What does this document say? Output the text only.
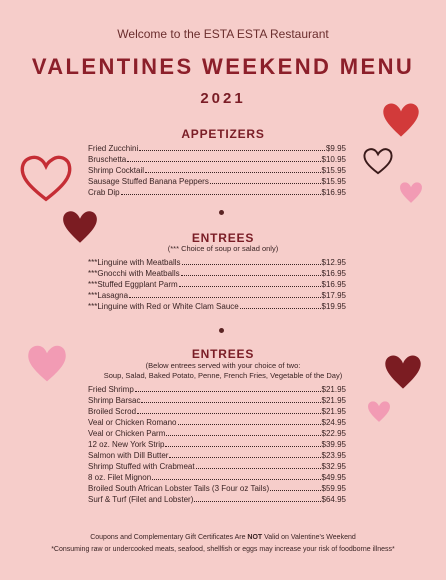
Welcome to the ESTA ESTA Restaurant
VALENTINES WEEKEND MENU
2021
APPETIZERS
Fried Zucchini	$9.95
Bruschetta	$10.95
Shrimp Cocktail	$15.95
Sausage Stuffed Banana Peppers	$15.95
Crab Dip	$16.95
ENTREES
(*** Choice of soup or salad only)
***Linguine with Meatballs	$12.95
***Gnocchi with Meatballs	$16.95
***Stuffed Eggplant Parm	$16.95
***Lasagna	$17.95
***Linguine with Red or White Clam Sauce	$19.95
ENTREES
(Below entrees served with your choice of two:
Soup, Salad, Baked Potato, Penne, French Fries, Vegetable of the Day)
Fried Shrimp	$21.95
Shrimp Barsac	$21.95
Broiled Scrod	$21.95
Veal or Chicken Romano	$24.95
Veal or Chicken Parm	$22.95
12 oz. New York Strip	$39.95
Salmon with Dill Butter	$23.95
Shrimp Stuffed with Crabmeat	$32.95
8 oz. Filet Mignon	$49.95
Broiled South African Lobster Tails (3 Four oz Tails)	$59.95
Surf & Turf (Filet and Lobster)	$64.95
Coupons and Complementary Gift Certificates Are NOT Valid on Valentine's Weekend
*Consuming raw or undercooked meats, seafood, shellfish or eggs may increase your risk of foodborne illness*
